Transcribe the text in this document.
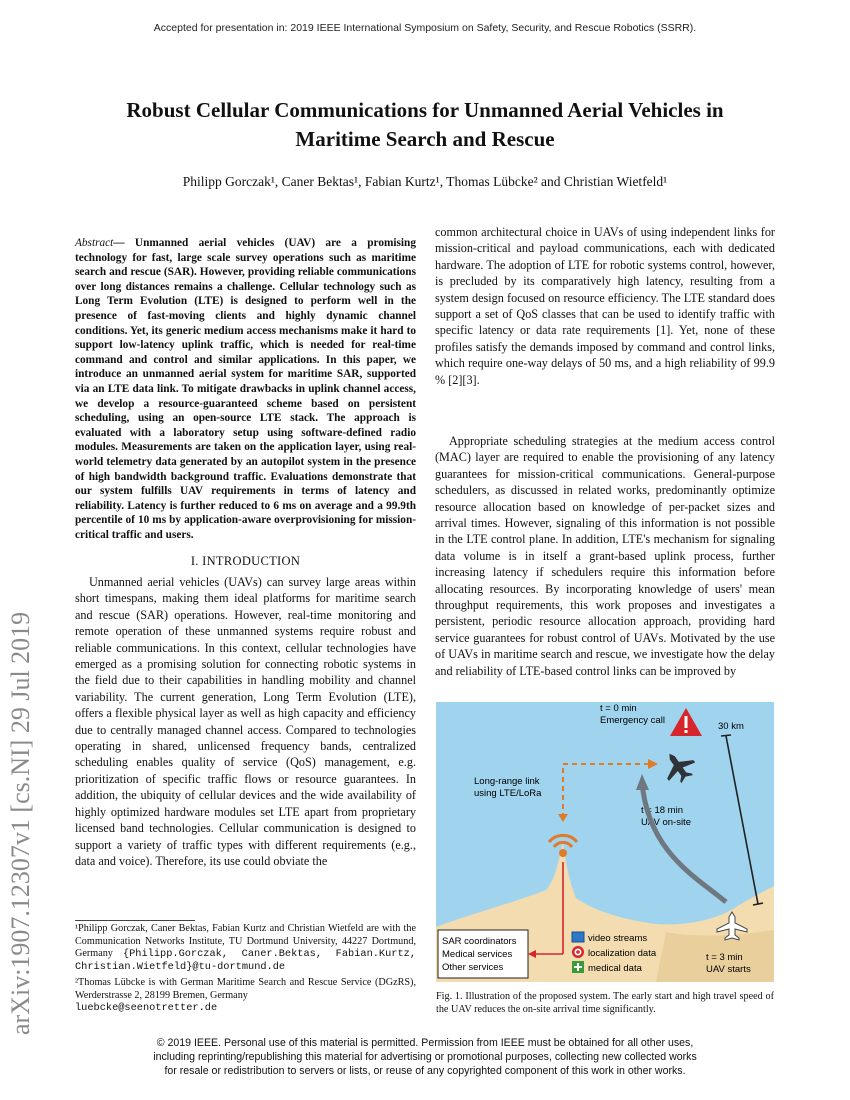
Accepted for presentation in: 2019 IEEE International Symposium on Safety, Security, and Rescue Robotics (SSRR).
Robust Cellular Communications for Unmanned Aerial Vehicles in
Maritime Search and Rescue
Philipp Gorczak¹, Caner Bektas¹, Fabian Kurtz¹, Thomas Lübcke² and Christian Wietfeld¹
arXiv:1907.12307v1 [cs.NI] 29 Jul 2019
Abstract— Unmanned aerial vehicles (UAV) are a promising technology for fast, large scale survey operations such as maritime search and rescue (SAR). However, providing reliable communications over long distances remains a challenge. Cellular technology such as Long Term Evolution (LTE) is designed to perform well in the presence of fast-moving clients and highly dynamic channel conditions. Yet, its generic medium access mechanisms make it hard to support low-latency uplink traffic, which is needed for real-time command and control and similar applications. In this paper, we introduce an unmanned aerial system for maritime SAR, supported via an LTE data link. To mitigate drawbacks in uplink channel access, we develop a resource-guaranteed scheme based on persistent scheduling, using an open-source LTE stack. The approach is evaluated with a laboratory setup using software-defined radio modules. Measurements are taken on the application layer, using real-world telemetry data generated by an autopilot system in the presence of high bandwidth background traffic. Evaluations demonstrate that our system fulfills UAV requirements in terms of latency and reliability. Latency is further reduced to 6 ms on average and a 99.9th percentile of 10 ms by application-aware overprovisioning for mission-critical traffic and users.
I. INTRODUCTION
Unmanned aerial vehicles (UAVs) can survey large areas within short timespans, making them ideal platforms for maritime search and rescue (SAR) operations. However, real-time monitoring and remote operation of these unmanned systems require robust and reliable communications. In this context, cellular technologies have emerged as a promising solution for connecting robotic systems in the field due to their capabilities in handling mobility and channel variability. The current generation, Long Term Evolution (LTE), offers a flexible physical layer as well as high capacity and efficiency due to centrally managed channel access. Compared to technologies operating in shared, unlicensed frequency bands, centralized scheduling enables quality of service (QoS) management, e.g. prioritization of specific traffic flows or resource guarantees. In addition, the ubiquity of cellular devices and the wide availability of highly optimized hardware modules set LTE apart from proprietary licensed band technologies. Cellular communication is designed to support a variety of traffic types with different requirements (e.g., data and voice). Therefore, its use could obviate the
¹Philipp Gorczak, Caner Bektas, Fabian Kurtz and Christian Wietfeld are with the Communication Networks Institute, TU Dortmund University, 44227 Dortmund, Germany {Philipp.Gorczak, Caner.Bektas, Fabian.Kurtz, Christian.Wietfeld}@tu-dortmund.de
²Thomas Lübcke is with German Maritime Search and Rescue Service (DGzRS), Werderstrasse 2, 28199 Bremen, Germany
luebcke@seenotretter.de
common architectural choice in UAVs of using independent links for mission-critical and payload communications, each with dedicated hardware. The adoption of LTE for robotic systems control, however, is precluded by its comparatively high latency, resulting from a system design focused on resource efficiency. The LTE standard does support a set of QoS classes that can be used to identify traffic with specific latency or data rate requirements [1]. Yet, none of these profiles satisfy the demands imposed by command and control links, which require one-way delays of 50 ms, and a high reliability of 99.9 % [2][3].
Appropriate scheduling strategies at the medium access control (MAC) layer are required to enable the provisioning of any latency guarantees for mission-critical communications. General-purpose schedulers, as discussed in related works, predominantly optimize resource allocation based on knowledge of per-packet sizes and arrival times. However, signaling of this information is not possible in the LTE control plane. In addition, LTE's mechanism for signaling data volume is in itself a grant-based uplink process, further increasing latency if schedulers require this information before allocating resources. By incorporating knowledge of users' mean throughput requirements, this work proposes and investigates a persistent, periodic resource allocation approach, providing hard service guarantees for robust control of UAVs. Motivated by the use of UAVs in maritime search and rescue, we investigate how the delay and reliability of LTE-based control links can be improved by
t = 0 min
Emergency call
30 km
t = 18 min
UAV on-site
Long-range link
using LTE/LoRa
SAR coordinators
Medical services
Other services
video streams
localization data
medical data
t = 3 min
UAV starts
Fig. 1. Illustration of the proposed system. The early start and high travel speed of the UAV reduces the on-site arrival time significantly.
© 2019 IEEE. Personal use of this material is permitted. Permission from IEEE must be obtained for all other uses,
including reprinting/republishing this material for advertising or promotional purposes, collecting new collected works
for resale or redistribution to servers or lists, or reuse of any copyrighted component of this work in other works.
